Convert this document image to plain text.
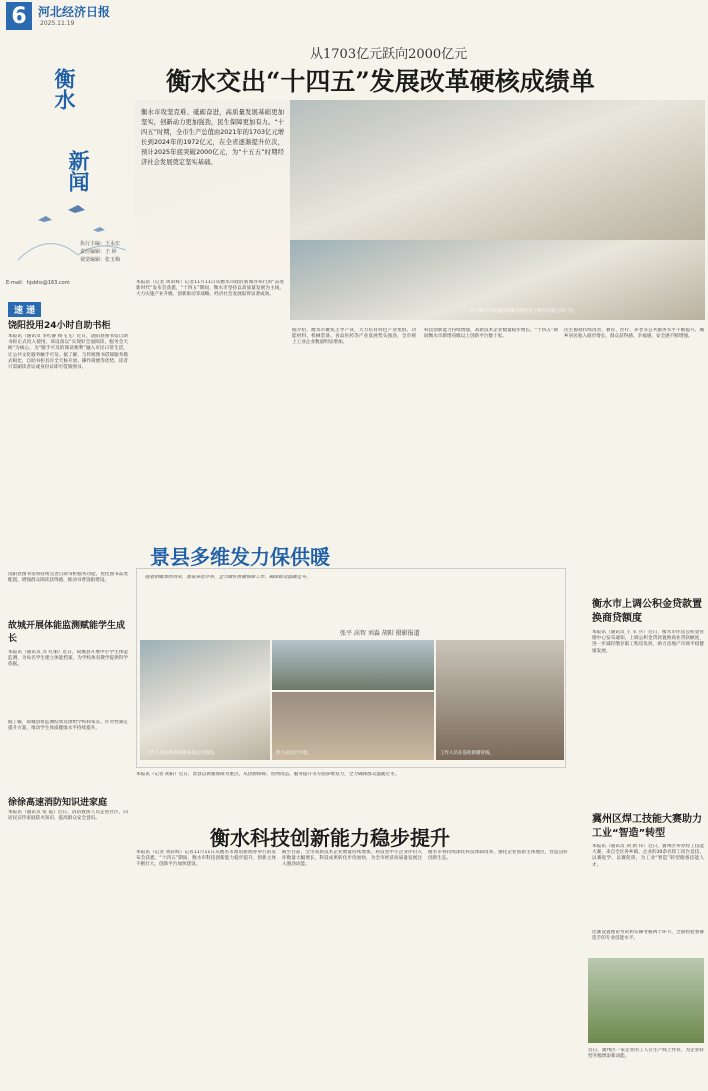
6 河北经济日报
2025.11.19
衡水
新闻
执行主编：王永宏
责任编辑：王 婷
视觉编辑：张玉梅
E-mail：hjsbhs@163.com
速 递
饶阳投用24小时自助书柜
本报讯（通讯员 李红静 杨飞飞）近日，饶阳县图书馆自助书柜正式投入使用。该设备以“实现好全面阅读，服务全天候”为核心，为“随手可及的阅读便利”融入市民日常生活，让公共文化服务触手可及。据了解，与传统图书借阅服务模式相比，自助书柜具有全天候开放、操作简便等优势，读者只需刷读者证或身份证即可借阅图书。
饶阳县图书馆将持续完善自助书柜服务功能，优化图书品类配置，增强群众阅读获得感，推动书香饶阳建设。
故城开展体能监测赋能学生成长
本报讯（通讯员 苏 红丽）近日，故城县开展中小学生体能监测，为每名学生建立体能档案，为学校体育教学提供科学依据。
据了解，故城县将监测结果反馈给学校和家长，针对性制定提升方案，推动学生体质健康水平持续提升。
徐徐高速消防知识进家庭
本报讯（通讯员 张 霞）近日，消防救援人员走进社区，向居民宣传家庭防火知识，提高群众安全意识。
从1703亿元跃向2000亿元
衡水交出“十四五”发展改革硬核成绩单
衡水市攻坚克难、砥砺奋进，高质量发展基础更加坚实，创新动力更加强劲，民生保障更加有力。“十四五”时期，全市生产总值由2021年的1703亿元增长到2024年的1972亿元，在全省逐渐提升位次，预计2025年底突破2000亿元，为“十五五”时期经济社会发展奠定坚实基础。
位于衡水市故城县的衡水明昆电子科技有限公司厂区。
本报讯（记者 周彩辉）记者11月11日从衡水市政府新闻办举行的“奋进新时代”发布会获悉，“十四五”期间，衡水市坚持以高质量发展为主线，大力实施产业升级、创新驱动等战略，经济社会发展取得显著成效。
据介绍，衡水市聚焦主导产业，大力培育特色产业集群，功能材料、机械装备、食品医药等产业发展势头强劲，全市规上工业企业数量明显增加。
科技创新能力持续增强，高新技术企业数量稳步增长，“十四五”期间衡水市新增省级以上创新平台数十家。
民生福祉持续改善，教育、医疗、养老等公共服务水平不断提升，城乡居民收入稳步增长，群众获得感、幸福感、安全感不断增强。
景县多维发力保供暖
随着供暖季的到来，景县多措并举，全力做好供暖保障工作，确保群众温暖过冬。
张平 高智 刘淼 胡阳 摄影报道
工作人员在检查供暖设备运行情况。	工作人员在巡检供暖管线。
热力站运行平稳。
本报讯（记者 胡阳）近日，景县以供暖保障为重点，从热源保障、管网改造、服务提升等方面多维发力，全力确保群众温暖过冬。
衡水市上调公积金贷款置换商贷额度
本报讯（通讯员 王 军 兵）近日，衡水市住房公积金管理中心发布通知，上调公积金贷款置换商业贷款额度，进一步减轻缴存职工购房负担，助力房地产市场平稳健康发展。
冀州区焊工技能大赛助力工业“智造”转型
本报讯（通讯员 刘 新 伟）近日，冀州区举办焊工技能大赛，来自全区各乡镇、企业的30余名焊工同台竞技，以赛促学、以赛促训，为工业“智造”转型储备技能人才。
比赛设置理论考试和实操考核两个环节，全面检验参赛选手的专业技能水平。
近日，冀州区一家企业的工人在生产线上作业，为企业转型升级增添新动能。
衡水科技创新能力稳步提升
本报讯（记者 周彩辉）记者11月11日从衡水市政府新闻办举行的发布会获悉，“十四五”期间，衡水市科技创新能力稳步提升，创新主体不断壮大，创新平台加快建设。
截至目前，全市高新技术企业数量持续增加，科技型中小企业评价入库数量大幅增长，科技成果转化步伐加快，为全市经济高质量发展注入强劲动能。
衡水市将持续深化科技体制改革，强化企业创新主体地位，营造良好创新生态。
